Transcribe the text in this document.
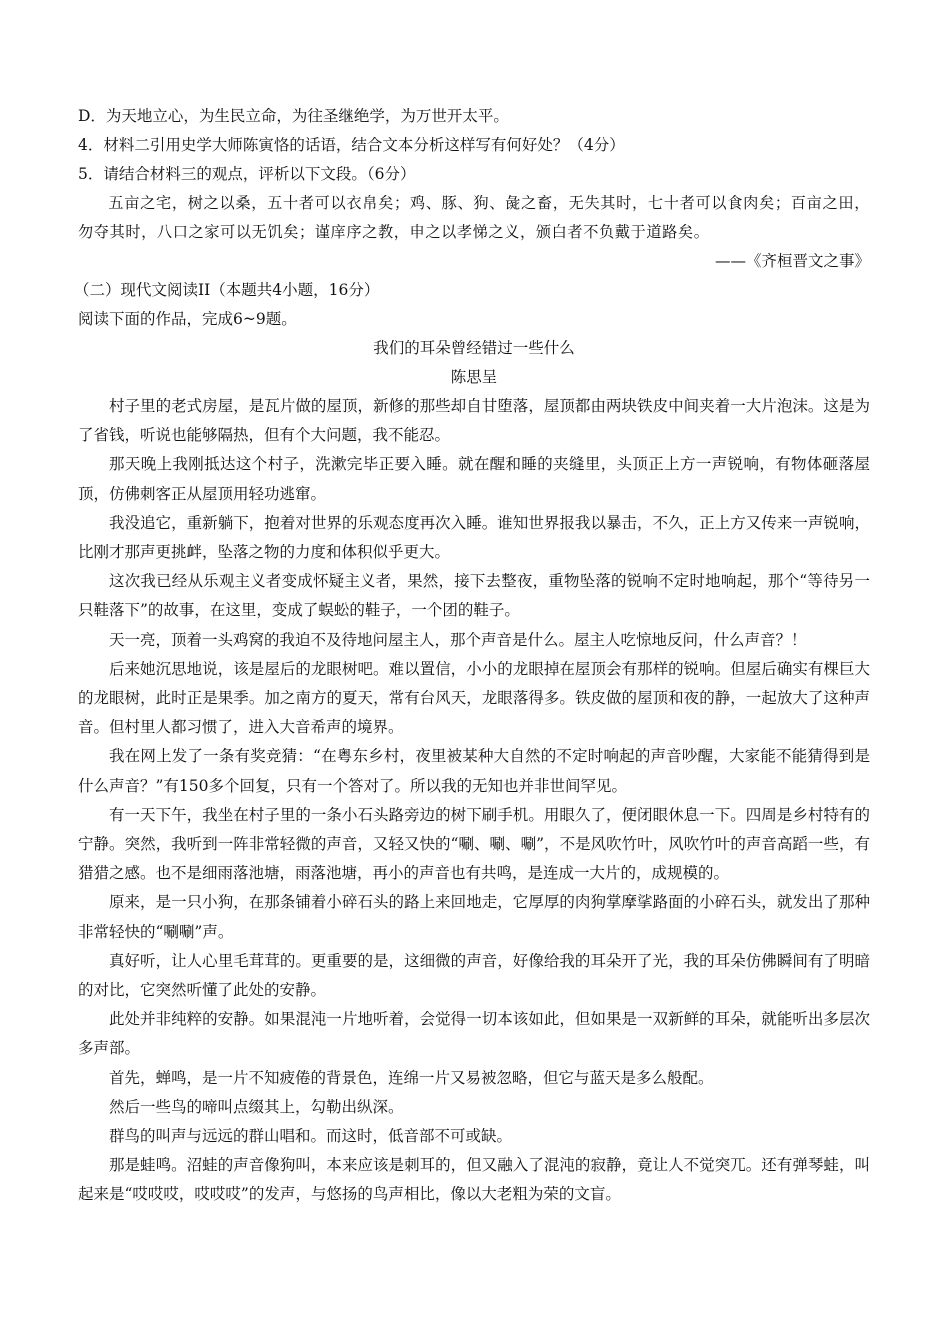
D．为天地立心，为生民立命，为往圣继绝学，为万世开太平。
4．材料二引用史学大师陈寅恪的话语，结合文本分析这样写有何好处？（4分）
5．请结合材料三的观点，评析以下文段。（6分）

五亩之宅，树之以桑，五十者可以衣帛矣；鸡、豚、狗、彘之畜，无失其时，七十者可以食肉矣；百亩之田，勿夺其时，八口之家可以无饥矣；谨庠序之教，申之以孝悌之义，颁白者不负戴于道路矣。

——《齐桓晋文之事》
（二）现代文阅读II（本题共4小题，16分）
阅读下面的作品，完成6~9题。
我们的耳朵曾经错过一些什么
陈思呈

村子里的老式房屋，是瓦片做的屋顶，新修的那些却自甘堕落，屋顶都由两块铁皮中间夹着一大片泡沫。这是为了省钱，听说也能够隔热，但有个大问题，我不能忍。

那天晚上我刚抵达这个村子，洗漱完毕正要入睡。就在醒和睡的夹缝里，头顶正上方一声锐响，有物体砸落屋顶，仿佛刺客正从屋顶用轻功逃窜。

我没追它，重新躺下，抱着对世界的乐观态度再次入睡。谁知世界报我以暴击，不久，正上方又传来一声锐响，比刚才那声更挑衅，坠落之物的力度和体积似乎更大。

这次我已经从乐观主义者变成怀疑主义者，果然，接下去整夜，重物坠落的锐响不定时地响起，那个“等待另一只鞋落下”的故事，在这里，变成了蜈蚣的鞋子，一个团的鞋子。

天一亮，顶着一头鸡窝的我迫不及待地问屋主人，那个声音是什么。屋主人吃惊地反问，什么声音？！

后来她沉思地说，该是屋后的龙眼树吧。难以置信，小小的龙眼掉在屋顶会有那样的锐响。但屋后确实有棵巨大的龙眼树，此时正是果季。加之南方的夏天，常有台风天，龙眼落得多。铁皮做的屋顶和夜的静，一起放大了这种声音。但村里人都习惯了，进入大音希声的境界。

我在网上发了一条有奖竞猜：“在粤东乡村，夜里被某种大自然的不定时响起的声音吵醒，大家能不能猜得到是什么声音？”有150多个回复，只有一个答对了。所以我的无知也并非世间罕见。

有一天下午，我坐在村子里的一条小石头路旁边的树下刷手机。用眼久了，便闭眼休息一下。四周是乡村特有的宁静。突然，我听到一阵非常轻微的声音，又轻又快的“唰、唰、唰”，不是风吹竹叶，风吹竹叶的声音高蹈一些，有猎猎之感。也不是细雨落池塘，雨落池塘，再小的声音也有共鸣，是连成一大片的，成规模的。

原来，是一只小狗，在那条铺着小碎石头的路上来回地走，它厚厚的肉狗掌摩挲路面的小碎石头，就发出了那种非常轻快的“唰唰”声。

真好听，让人心里毛茸茸的。更重要的是，这细微的声音，好像给我的耳朵开了光，我的耳朵仿佛瞬间有了明暗的对比，它突然听懂了此处的安静。

此处并非纯粹的安静。如果混沌一片地听着，会觉得一切本该如此，但如果是一双新鲜的耳朵，就能听出多层次多声部。

首先，蝉鸣，是一片不知疲倦的背景色，连绵一片又易被忽略，但它与蓝天是多么般配。

然后一些鸟的啼叫点缀其上，勾勒出纵深。

群鸟的叫声与远远的群山唱和。而这时，低音部不可或缺。

那是蛙鸣。沼蛙的声音像狗叫，本来应该是刺耳的，但又融入了混沌的寂静，竟让人不觉突兀。还有弹琴蛙，叫起来是“哎哎哎，哎哎哎”的发声，与悠扬的鸟声相比，像以大老粗为荣的文盲。
